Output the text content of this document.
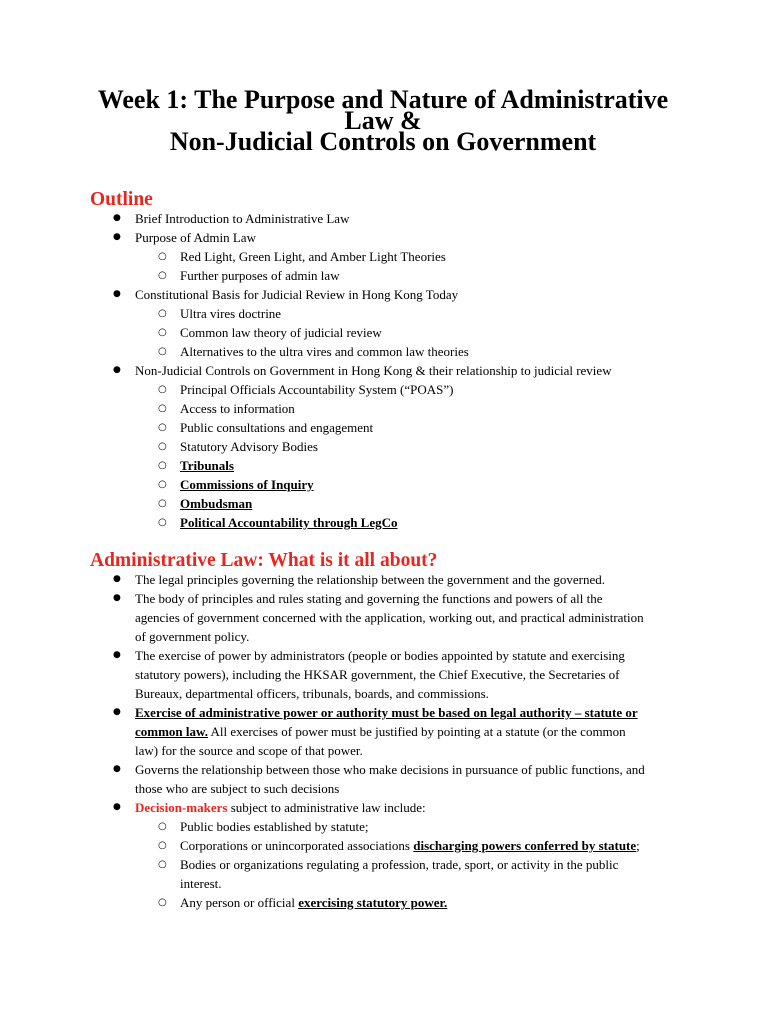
Week 1: The Purpose and Nature of Administrative Law &
Non-Judicial Controls on Government
Outline
● Brief Introduction to Administrative Law
● Purpose of Admin Law
○ Red Light, Green Light, and Amber Light Theories
○ Further purposes of admin law
● Constitutional Basis for Judicial Review in Hong Kong Today
○ Ultra vires doctrine
○ Common law theory of judicial review
○ Alternatives to the ultra vires and common law theories
● Non-Judicial Controls on Government in Hong Kong & their relationship to judicial review
○ Principal Officials Accountability System (“POAS”)
○ Access to information
○ Public consultations and engagement
○ Statutory Advisory Bodies
○ Tribunals
○ Commissions of Inquiry
○ Ombudsman
○ Political Accountability through LegCo
Administrative Law: What is it all about?
● The legal principles governing the relationship between the government and the governed.
● The body of principles and rules stating and governing the functions and powers of all the
agencies of government concerned with the application, working out, and practical administration
of government policy.
● The exercise of power by administrators (people or bodies appointed by statute and exercising
statutory powers), including the HKSAR government, the Chief Executive, the Secretaries of
Bureaux, departmental officers, tribunals, boards, and commissions.
● Exercise of administrative power or authority must be based on legal authority – statute or
common law. All exercises of power must be justified by pointing at a statute (or the common
law) for the source and scope of that power.
● Governs the relationship between those who make decisions in pursuance of public functions, and
those who are subject to such decisions
● Decision-makers subject to administrative law include:
○ Public bodies established by statute;
○ Corporations or unincorporated associations discharging powers conferred by statute;
○ Bodies or organizations regulating a profession, trade, sport, or activity in the public
interest.
○ Any person or official exercising statutory power.
